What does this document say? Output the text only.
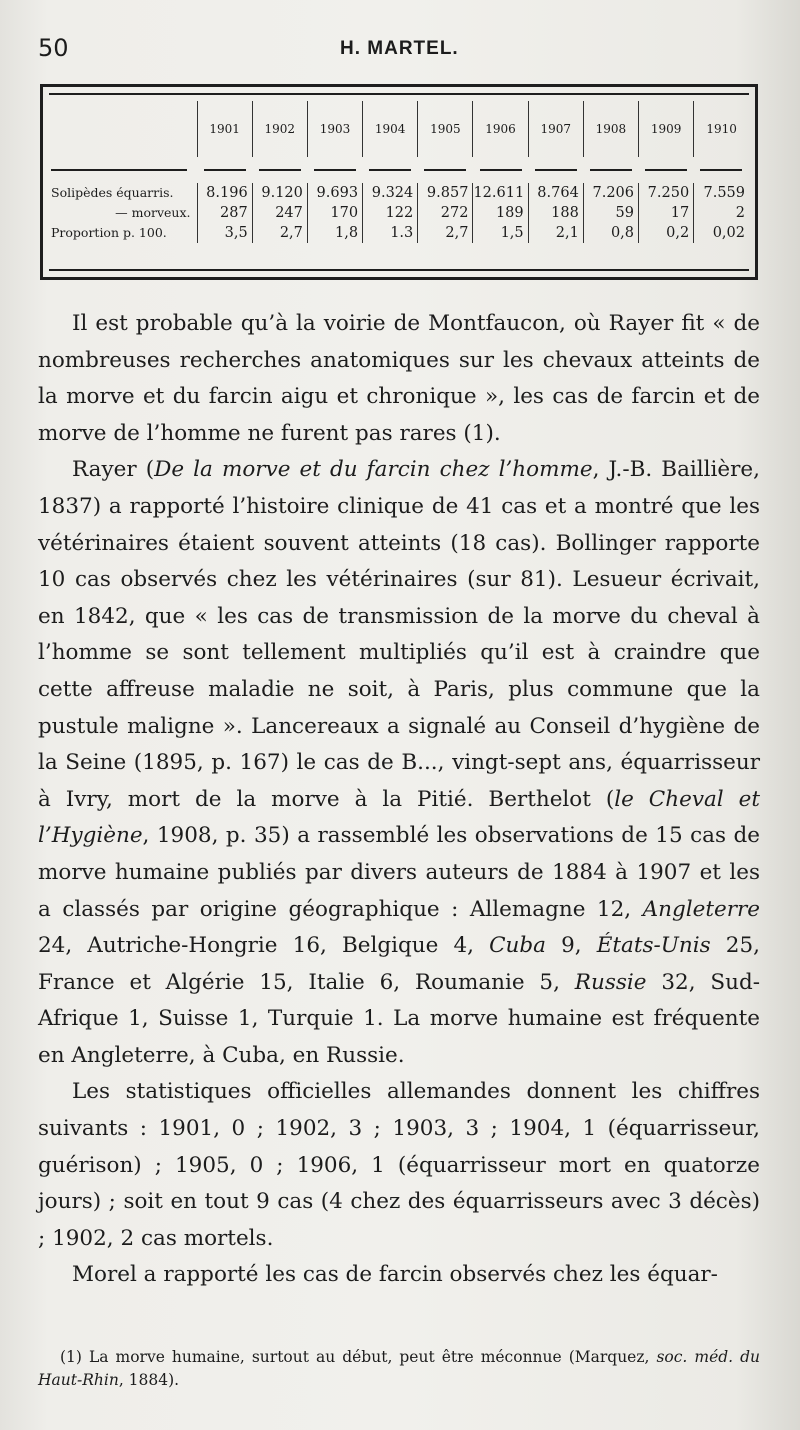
50	H. MARTEL.
	1901	1902	1903	1904	1905	1906	1907	1908	1909	1910

Solipèdes équarris.	8.196	9.120	9.693	9.324	9.857	12.611	8.764	7.206	7.250	7.559
— morveux.	287	247	170	122	272	189	188	59	17	2
Proportion p. 100.	3,5	2,7	1,8	1.3	2,7	1,5	2,1	0,8	0,2	0,02

Il est probable qu’à la voirie de Montfaucon, où Rayer fit « de nombreuses recherches anatomiques sur les chevaux atteints de la morve et du farcin aigu et chronique », les cas de farcin et de morve de l’homme ne furent pas rares (1).

Rayer (De la morve et du farcin chez l’homme, J.-B. Baillière, 1837) a rapporté l’histoire clinique de 41 cas et a montré que les vétérinaires étaient souvent atteints (18 cas). Bollinger rapporte 10 cas observés chez les vétérinaires (sur 81). Lesueur écrivait, en 1842, que « les cas de transmission de la morve du cheval à l’homme se sont tellement multipliés qu’il est à craindre que cette affreuse maladie ne soit, à Paris, plus commune que la pustule maligne ». Lancereaux a signalé au Conseil d’hygiène de la Seine (1895, p. 167) le cas de B..., vingt-sept ans, équarrisseur à Ivry, mort de la morve à la Pitié. Berthelot (le Cheval et l’Hygiène, 1908, p. 35) a rassemblé les observations de 15 cas de morve humaine publiés par divers auteurs de 1884 à 1907 et les a classés par origine géographique : Allemagne 12, Angleterre 24, Autriche-Hongrie 16, Belgique 4, Cuba 9, États-Unis 25, France et Algérie 15, Italie 6, Roumanie 5, Russie 32, Sud-Afrique 1, Suisse 1, Turquie 1. La morve humaine est fréquente en Angleterre, à Cuba, en Russie.

Les statistiques officielles allemandes donnent les chiffres suivants : 1901, 0 ; 1902, 3 ; 1903, 3 ; 1904, 1 (équarrisseur, guérison) ; 1905, 0 ; 1906, 1 (équarrisseur mort en quatorze jours) ; soit en tout 9 cas (4 chez des équarrisseurs avec 3 décès) ; 1902, 2 cas mortels.

Morel a rapporté les cas de farcin observés chez les équar-

(1) La morve humaine, surtout au début, peut être méconnue (Marquez, soc. méd. du Haut-Rhin, 1884).
